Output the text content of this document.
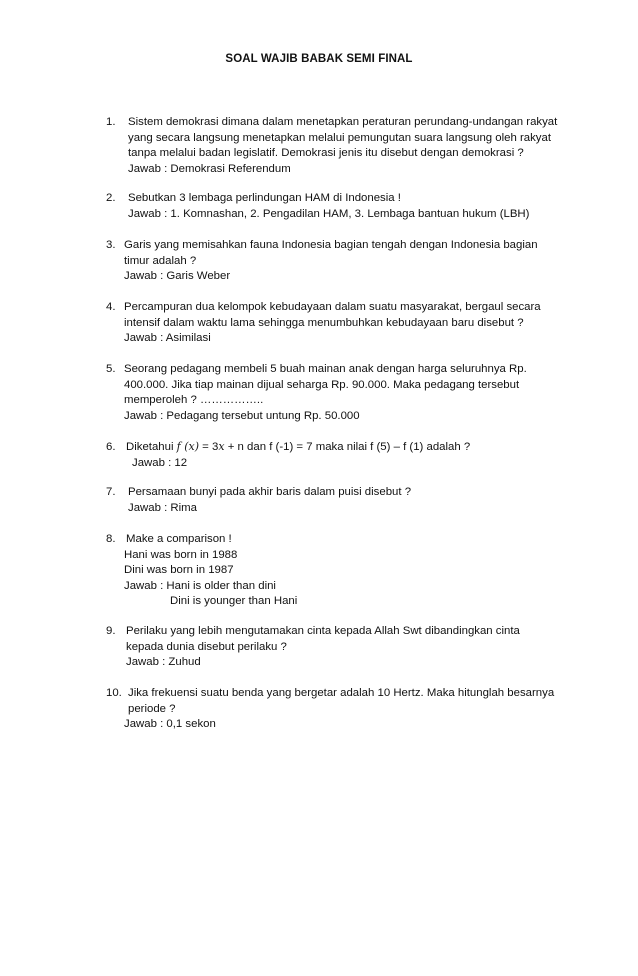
SOAL WAJIB BABAK SEMI FINAL
1. Sistem demokrasi dimana dalam menetapkan peraturan perundang-undangan rakyat
yang secara langsung menetapkan melalui pemungutan suara langsung oleh rakyat
tanpa melalui badan legislatif. Demokrasi jenis itu disebut dengan demokrasi ?
Jawab : Demokrasi Referendum
2. Sebutkan 3 lembaga perlindungan HAM di Indonesia !
Jawab : 1. Komnashan, 2. Pengadilan HAM, 3. Lembaga bantuan hukum (LBH)
3. Garis yang memisahkan fauna Indonesia bagian tengah dengan Indonesia bagian
timur adalah ?
Jawab : Garis Weber
4. Percampuran dua kelompok kebudayaan dalam suatu masyarakat, bergaul secara
intensif dalam waktu lama sehingga menumbuhkan kebudayaan baru disebut ?
Jawab : Asimilasi
5. Seorang pedagang membeli 5 buah mainan anak dengan harga seluruhnya Rp.
400.000. Jika tiap mainan dijual seharga Rp. 90.000. Maka pedagang tersebut
memperoleh ? ……………..
Jawab : Pedagang tersebut untung Rp. 50.000
6. Diketahui f (x) = 3x + n dan f (-1) = 7 maka nilai f (5) – f (1) adalah ?
Jawab : 12
7. Persamaan bunyi pada akhir baris dalam puisi disebut ?
Jawab : Rima
8. Make a comparison !
Hani was born in 1988
Dini was born in 1987
Jawab : Hani is older than dini
Dini is younger than Hani
9. Perilaku yang lebih mengutamakan cinta kepada Allah Swt dibandingkan cinta
kepada dunia disebut perilaku ?
Jawab : Zuhud
10. Jika frekuensi suatu benda yang bergetar adalah 10 Hertz. Maka hitunglah besarnya
periode ?
Jawab : 0,1 sekon
